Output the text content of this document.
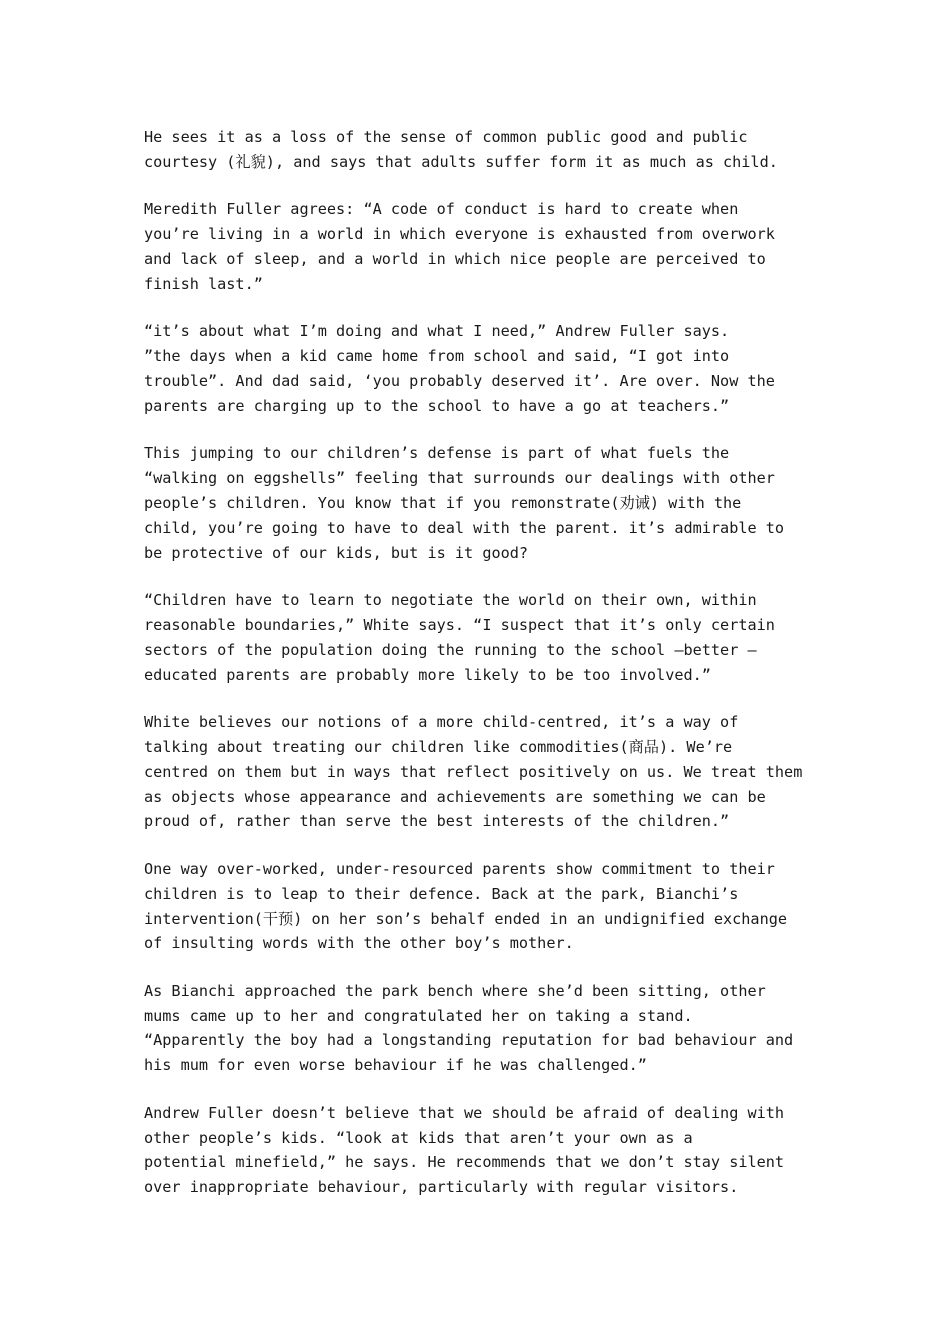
He sees it as a loss of the sense of common public good and public
courtesy (礼貌), and says that adults suffer form it as much as child.

Meredith Fuller agrees: “A code of conduct is hard to create when
you’re living in a world in which everyone is exhausted from overwork
and lack of sleep, and a world in which nice people are perceived to
finish last.”

“it’s about what I’m doing and what I need,” Andrew Fuller says.
”the days when a kid came home from school and said, “I got into
trouble”. And dad said, ‘you probably deserved it’. Are over. Now the
parents are charging up to the school to have a go at teachers.”

This jumping to our children’s defense is part of what fuels the
“walking on eggshells” feeling that surrounds our dealings with other
people’s children. You know that if you remonstrate(劝诫) with the
child, you’re going to have to deal with the parent. it’s admirable to
be protective of our kids, but is it good?

“Children have to learn to negotiate the world on their own, within
reasonable boundaries,” White says. “I suspect that it’s only certain
sectors of the population doing the running to the school –better –
educated parents are probably more likely to be too involved.”

White believes our notions of a more child-centred, it’s a way of
talking about treating our children like commodities(商品). We’re
centred on them but in ways that reflect positively on us. We treat them
as objects whose appearance and achievements are something we can be
proud of, rather than serve the best interests of the children.”

One way over-worked, under-resourced parents show commitment to their
children is to leap to their defence. Back at the park, Bianchi’s
intervention(干预) on her son’s behalf ended in an undignified exchange
of insulting words with the other boy’s mother.

As Bianchi approached the park bench where she’d been sitting, other
mums came up to her and congratulated her on taking a stand.
“Apparently the boy had a longstanding reputation for bad behaviour and
his mum for even worse behaviour if he was challenged.”

Andrew Fuller doesn’t believe that we should be afraid of dealing with
other people’s kids. “look at kids that aren’t your own as a
potential minefield,” he says. He recommends that we don’t stay silent
over inappropriate behaviour, particularly with regular visitors.
